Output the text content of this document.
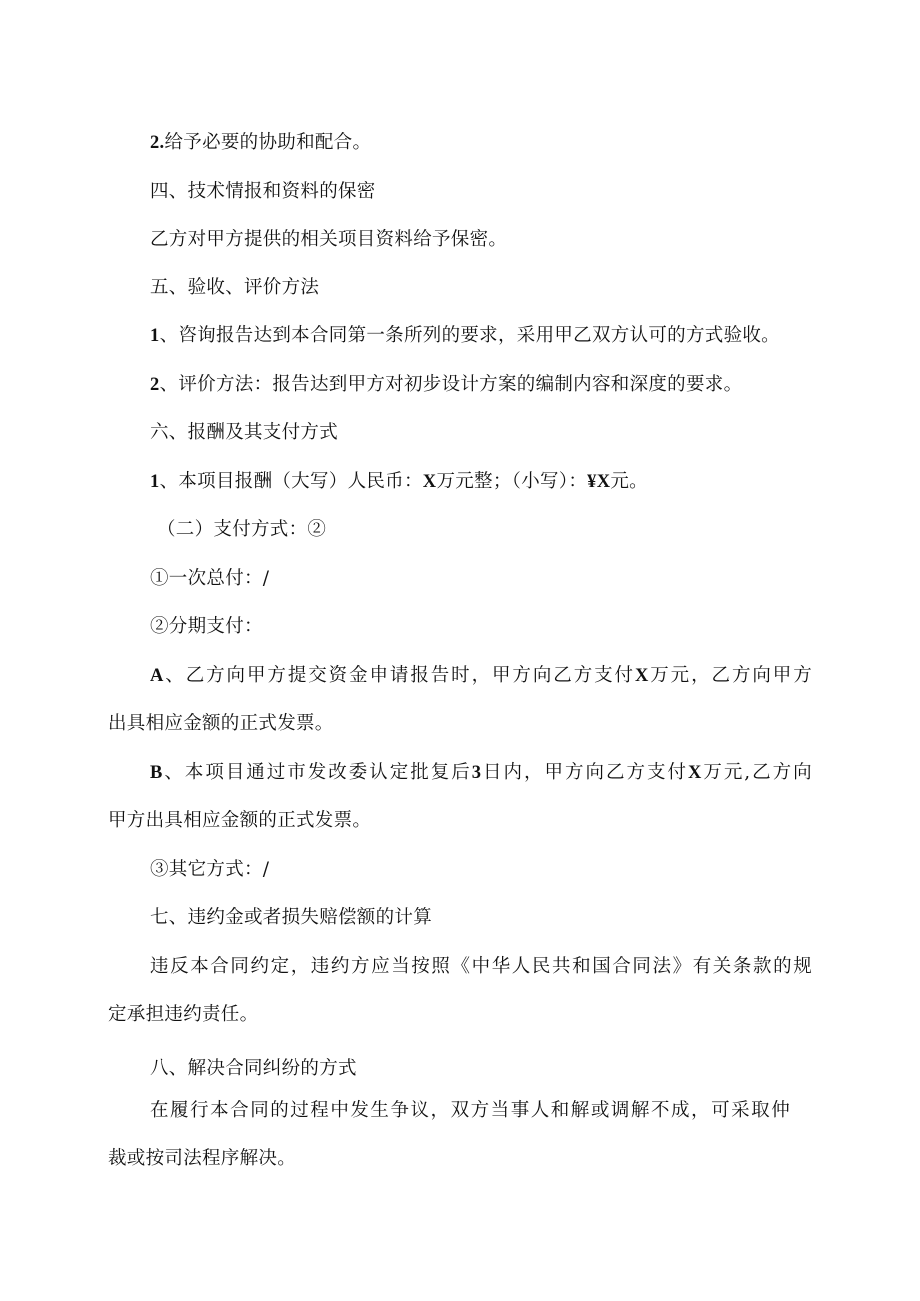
2.给予必要的协助和配合。
四、技术情报和资料的保密
乙方对甲方提供的相关项目资料给予保密。
五、验收、评价方法
1、咨询报告达到本合同第一条所列的要求，采用甲乙双方认可的方式验收。
2、评价方法：报告达到甲方对初步设计方案的编制内容和深度的要求。
六、报酬及其支付方式
1、本项目报酬（大写）人民币：X万元整；（小写）：¥X元。
（二）支付方式：②
①一次总付：/
②分期支付：
A、乙方向甲方提交资金申请报告时，甲方向乙方支付X万元，乙方向甲方
出具相应金额的正式发票。
B、本项目通过市发改委认定批复后3日内，甲方向乙方支付X万元,乙方向
甲方出具相应金额的正式发票。
③其它方式：/
七、违约金或者损失赔偿额的计算
违反本合同约定，违约方应当按照《中华人民共和国合同法》有关条款的规
定承担违约责任。
八、解决合同纠纷的方式
在履行本合同的过程中发生争议，双方当事人和解或调解不成，可采取仲
裁或按司法程序解决。
